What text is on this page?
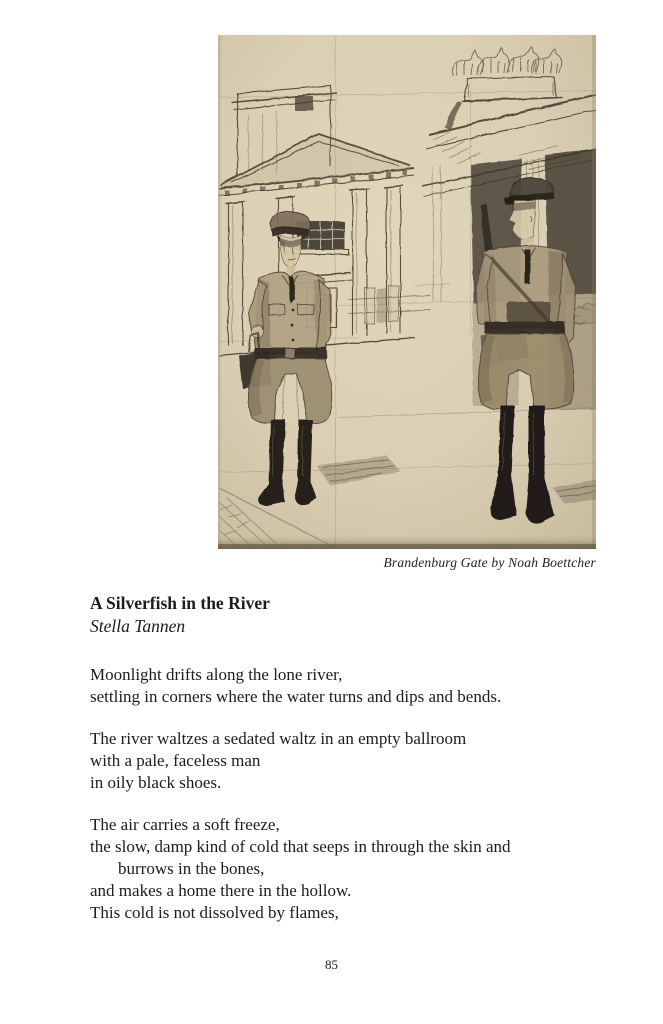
Brandenburg Gate by Noah Boettcher
A Silverfish in the River
Stella Tannen
Moonlight drifts along the lone river,
settling in corners where the water turns and dips and bends.
The river waltzes a sedated waltz in an empty ballroom
with a pale, faceless man
in oily black shoes.
The air carries a soft freeze,
the slow, damp kind of cold that seeps in through the skin and
burrows in the bones,
and makes a home there in the hollow.
This cold is not dissolved by flames,
85
